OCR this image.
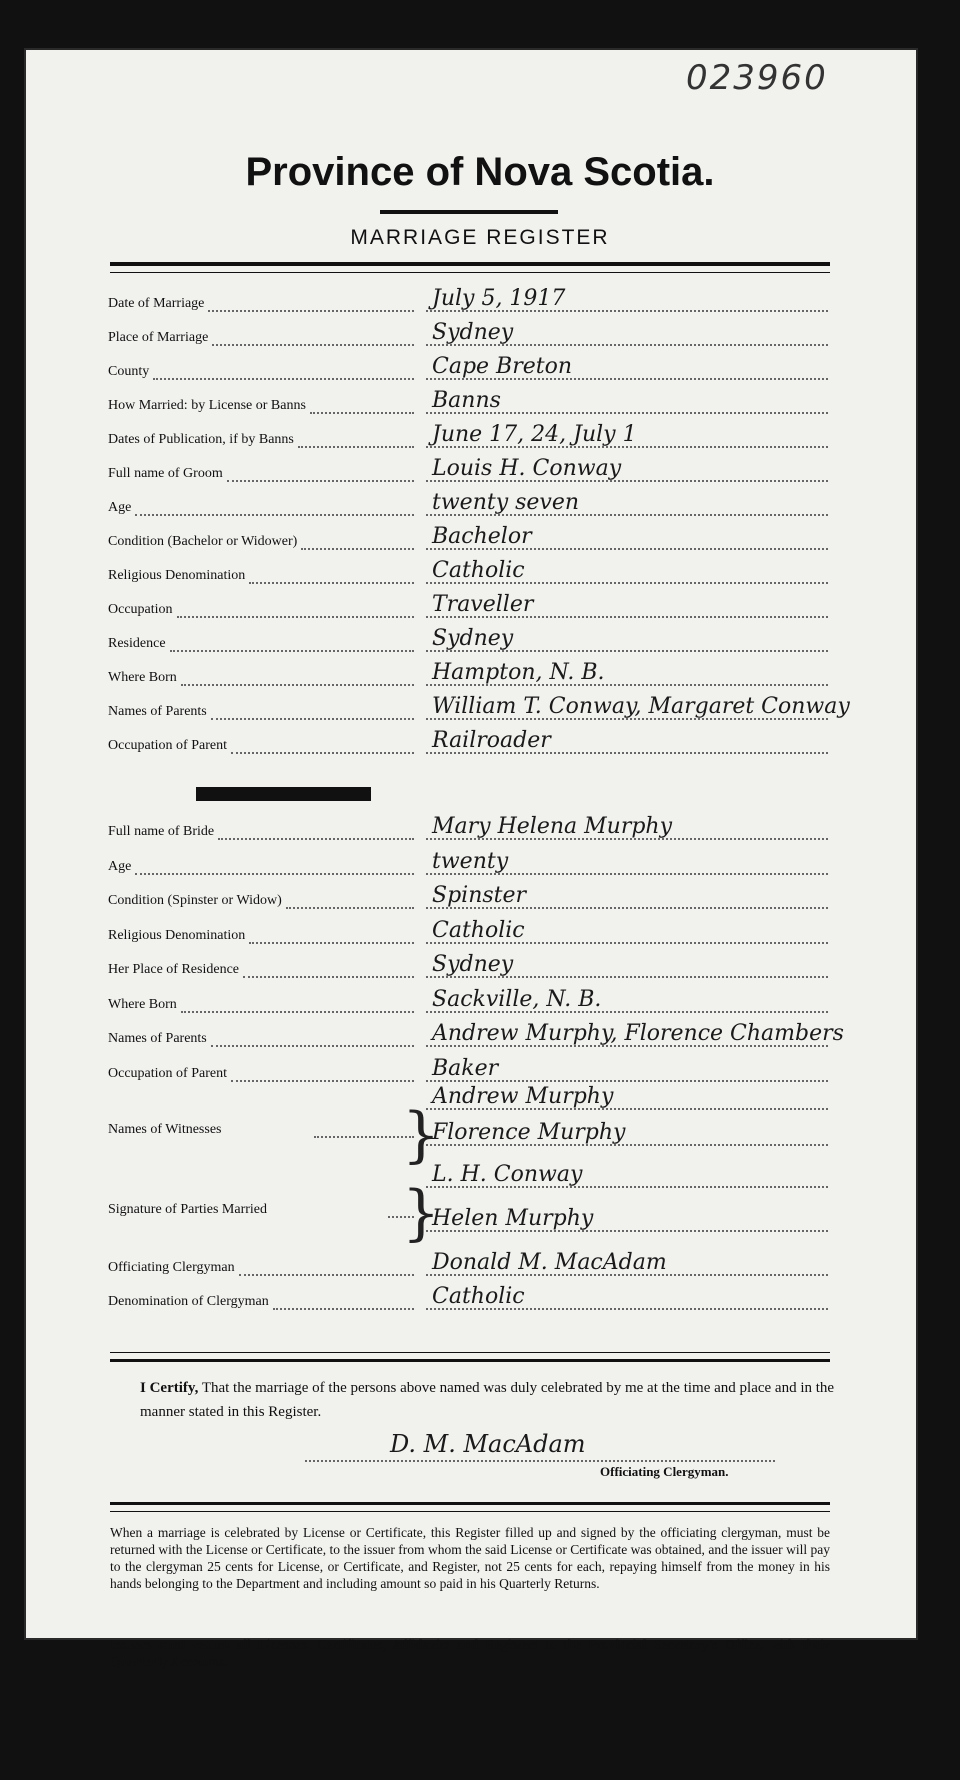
023960
Province of Nova Scotia.
MARRIAGE REGISTER
Date of Marriage	July 5, 1917
Place of Marriage	Sydney
County	Cape Breton
How Married: by License or Banns	Banns
Dates of Publication, if by Banns	June 17, 24, July 1
Full name of Groom	Louis H. Conway
Age	twenty seven
Condition (Bachelor or Widower)	Bachelor
Religious Denomination	Catholic
Occupation	Traveller
Residence	Sydney
Where Born	Hampton, N. B.
Names of Parents	William T. Conway, Margaret Conway
Occupation of Parent	Railroader
Full name of Bride	Mary Helena Murphy
Age	twenty
Condition (Spinster or Widow)	Spinster
Religious Denomination	Catholic
Her Place of Residence	Sydney
Where Born	Sackville, N. B.
Names of Parents	Andrew Murphy, Florence Chambers
Occupation of Parent	Baker
Names of Witnesses	}
Andrew Murphy
Florence Murphy
Signature of Parties Married }
L. H. Conway
Helen Murphy
Officiating Clergyman	Donald M. MacAdam
Denomination of Clergyman	Catholic
I Certify, That the marriage of the persons above named was duly celebrated by me at the time and place and in the manner stated in this Register.
D. M. MacAdam
Officiating Clergyman.
When a marriage is celebrated by License or Certificate, this Register filled up and signed by the officiating clergyman, must be returned with the License or Certificate, to the issuer from whom the said License or Certificate was obtained, and the issuer will pay to the clergyman 25 cents for License, or Certificate, and Register, not 25 cents for each, repaying himself from the money in his hands belonging to the Department and including amount so paid in his Quarterly Returns.
Issuers must return all Licenses, Certificates, Affidavits and Registers to the Provincial Secretary's Office, with their Quarterly Accounts.
